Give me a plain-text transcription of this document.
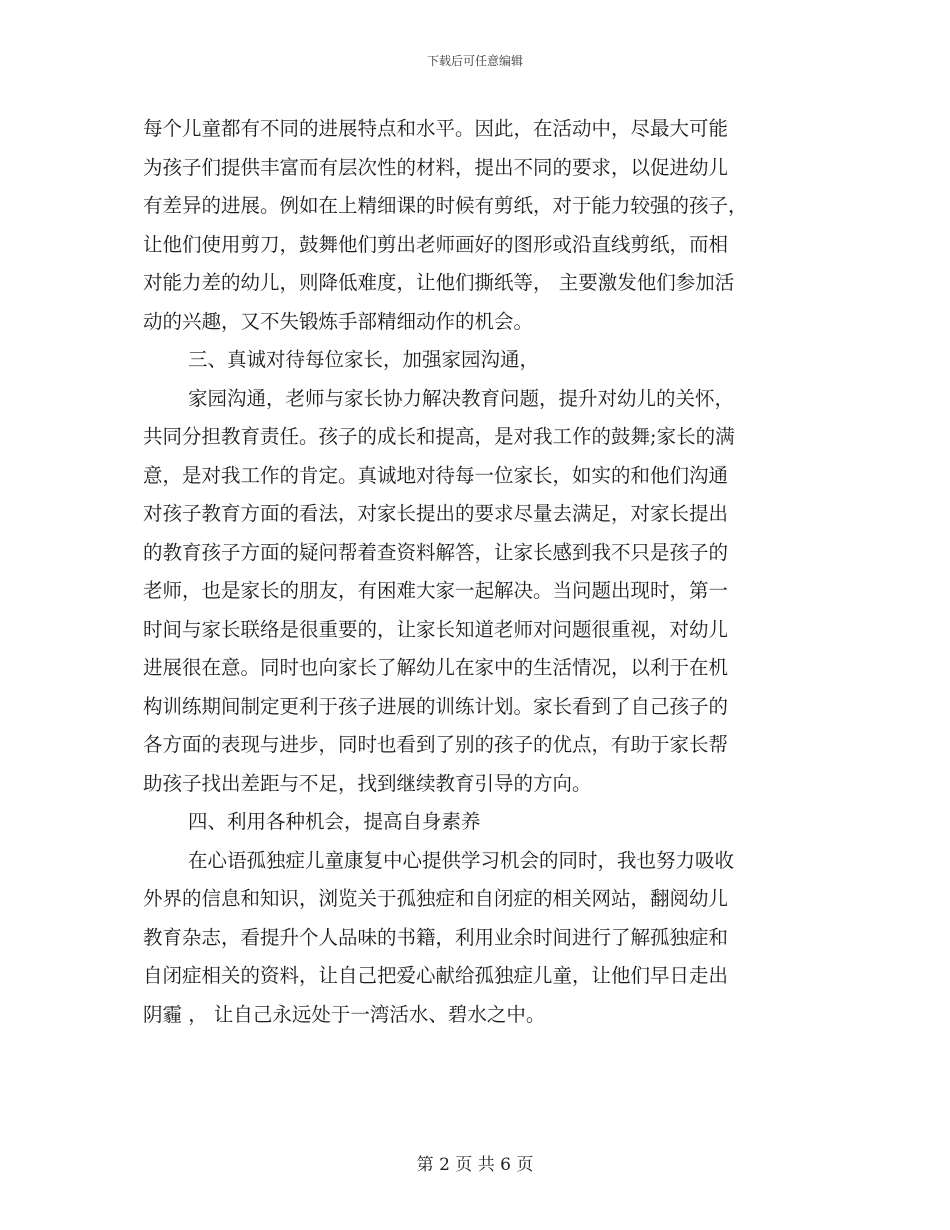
下载后可任意编辑
每个儿童都有不同的进展特点和水平。因此，在活动中，尽最大可能
为孩子们提供丰富而有层次性的材料，提出不同的要求，以促进幼儿
有差异的进展。例如在上精细课的时候有剪纸，对于能力较强的孩子，
让他们使用剪刀，鼓舞他们剪出老师画好的图形或沿直线剪纸，而相
对能力差的幼儿，则降低难度，让他们撕纸等， 主要激发他们参加活
动的兴趣，又不失锻炼手部精细动作的机会。
三、真诚对待每位家长，加强家园沟通，
家园沟通，老师与家长协力解决教育问题，提升对幼儿的关怀，
共同分担教育责任。孩子的成长和提高，是对我工作的鼓舞;家长的满
意，是对我工作的肯定。真诚地对待每一位家长，如实的和他们沟通
对孩子教育方面的看法，对家长提出的要求尽量去满足，对家长提出
的教育孩子方面的疑问帮着查资料解答，让家长感到我不只是孩子的
老师，也是家长的朋友，有困难大家一起解决。当问题出现时，第一
时间与家长联络是很重要的，让家长知道老师对问题很重视，对幼儿
进展很在意。同时也向家长了解幼儿在家中的生活情况，以利于在机
构训练期间制定更利于孩子进展的训练计划。家长看到了自己孩子的
各方面的表现与进步，同时也看到了别的孩子的优点，有助于家长帮
助孩子找出差距与不足，找到继续教育引导的方向。
四、利用各种机会，提高自身素养
在心语孤独症儿童康复中心提供学习机会的同时，我也努力吸收
外界的信息和知识，浏览关于孤独症和自闭症的相关网站，翻阅幼儿
教育杂志，看提升个人品味的书籍，利用业余时间进行了解孤独症和
自闭症相关的资料，让自己把爱心献给孤独症儿童，让他们早日走出
阴霾 ， 让自己永远处于一湾活水、碧水之中。
第 2 页 共 6 页
